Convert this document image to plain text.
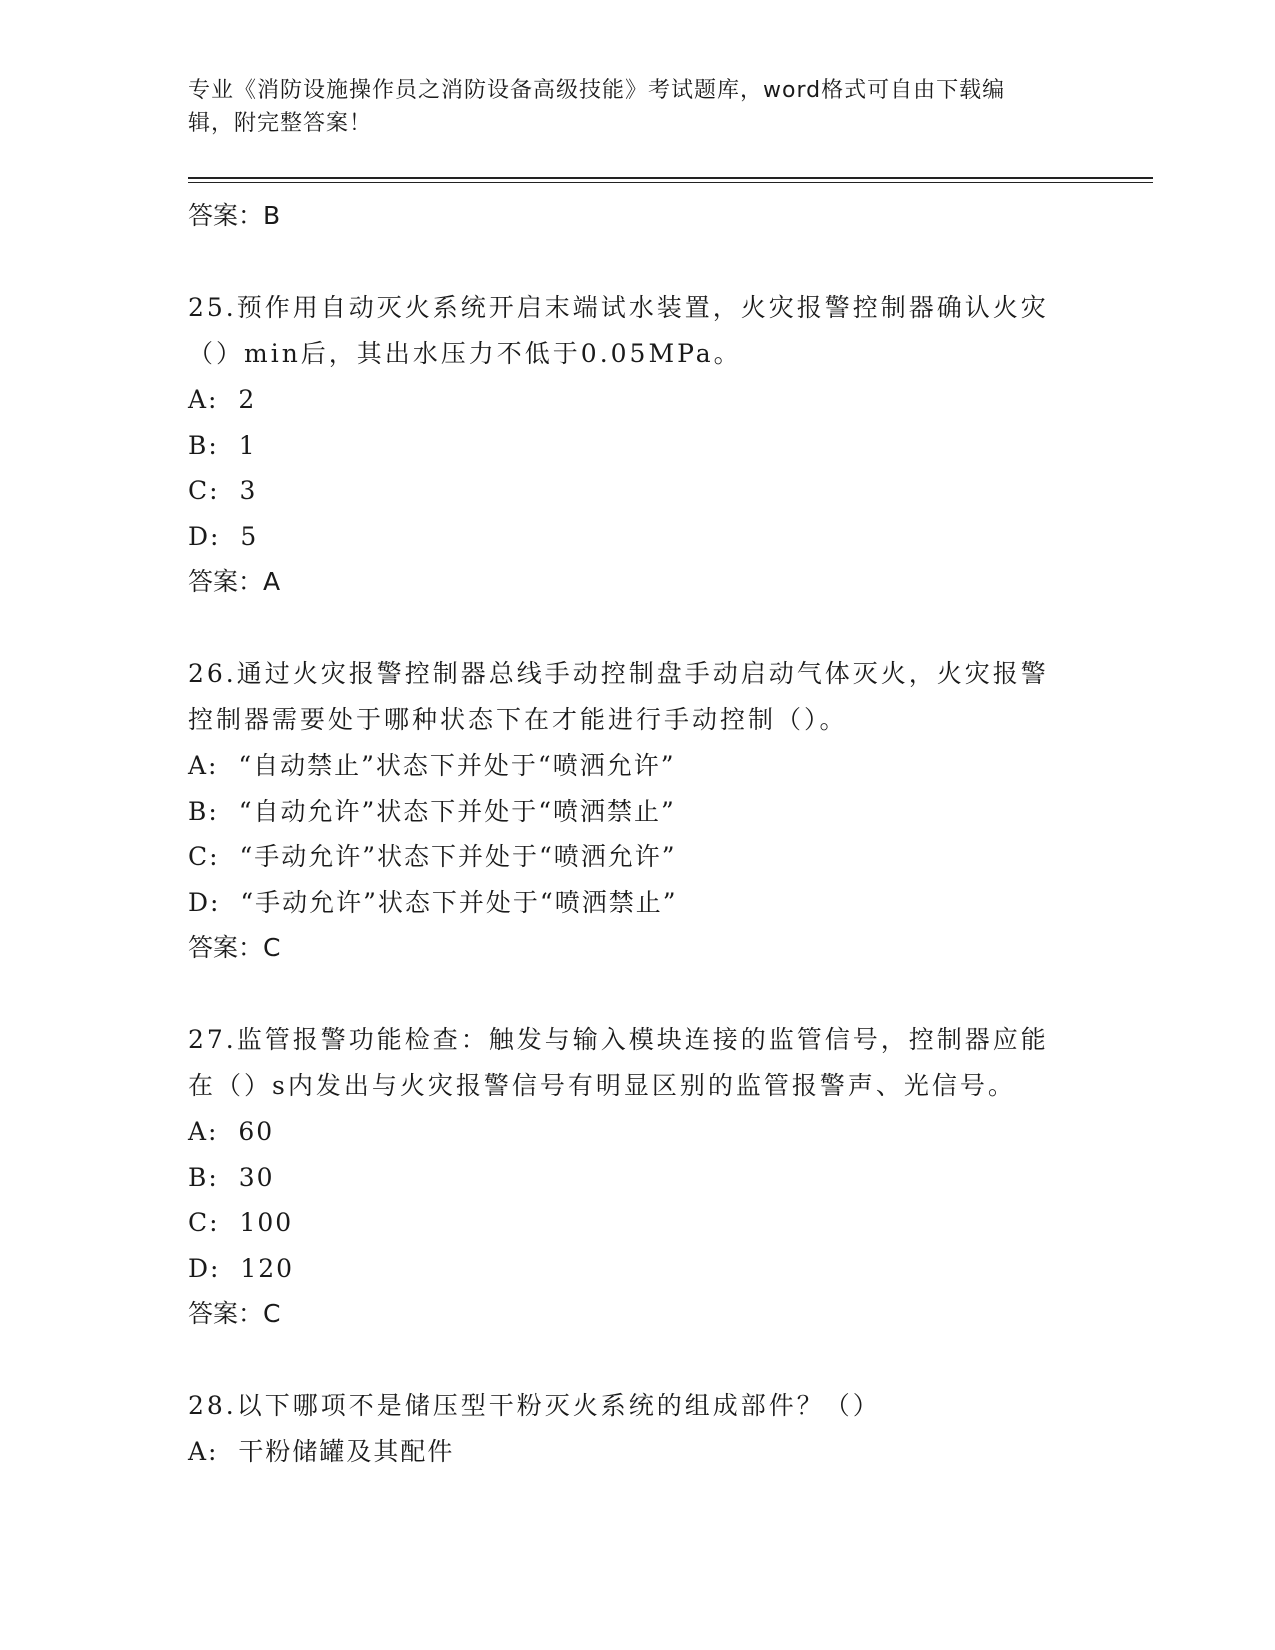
专业《消防设施操作员之消防设备高级技能》考试题库，word格式可自由下载编
辑，附完整答案！
答案：B
25.预作用自动灭火系统开启末端试水装置，火灾报警控制器确认火灾
（）min后，其出水压力不低于0.05MPa。
A:  2
B:  1
C:  3
D:  5
答案：A
26.通过火灾报警控制器总线手动控制盘手动启动气体灭火，火灾报警
控制器需要处于哪种状态下在才能进行手动控制（）。
A:  “自动禁止”状态下并处于“喷洒允许”
B:  “自动允许”状态下并处于“喷洒禁止”
C:  “手动允许”状态下并处于“喷洒允许”
D:  “手动允许”状态下并处于“喷洒禁止”
答案：C
27.监管报警功能检查：触发与输入模块连接的监管信号，控制器应能
在（）s内发出与火灾报警信号有明显区别的监管报警声、光信号。
A:  60
B:  30
C:  100
D:  120
答案：C
28.以下哪项不是储压型干粉灭火系统的组成部件？（）
A:  干粉储罐及其配件
